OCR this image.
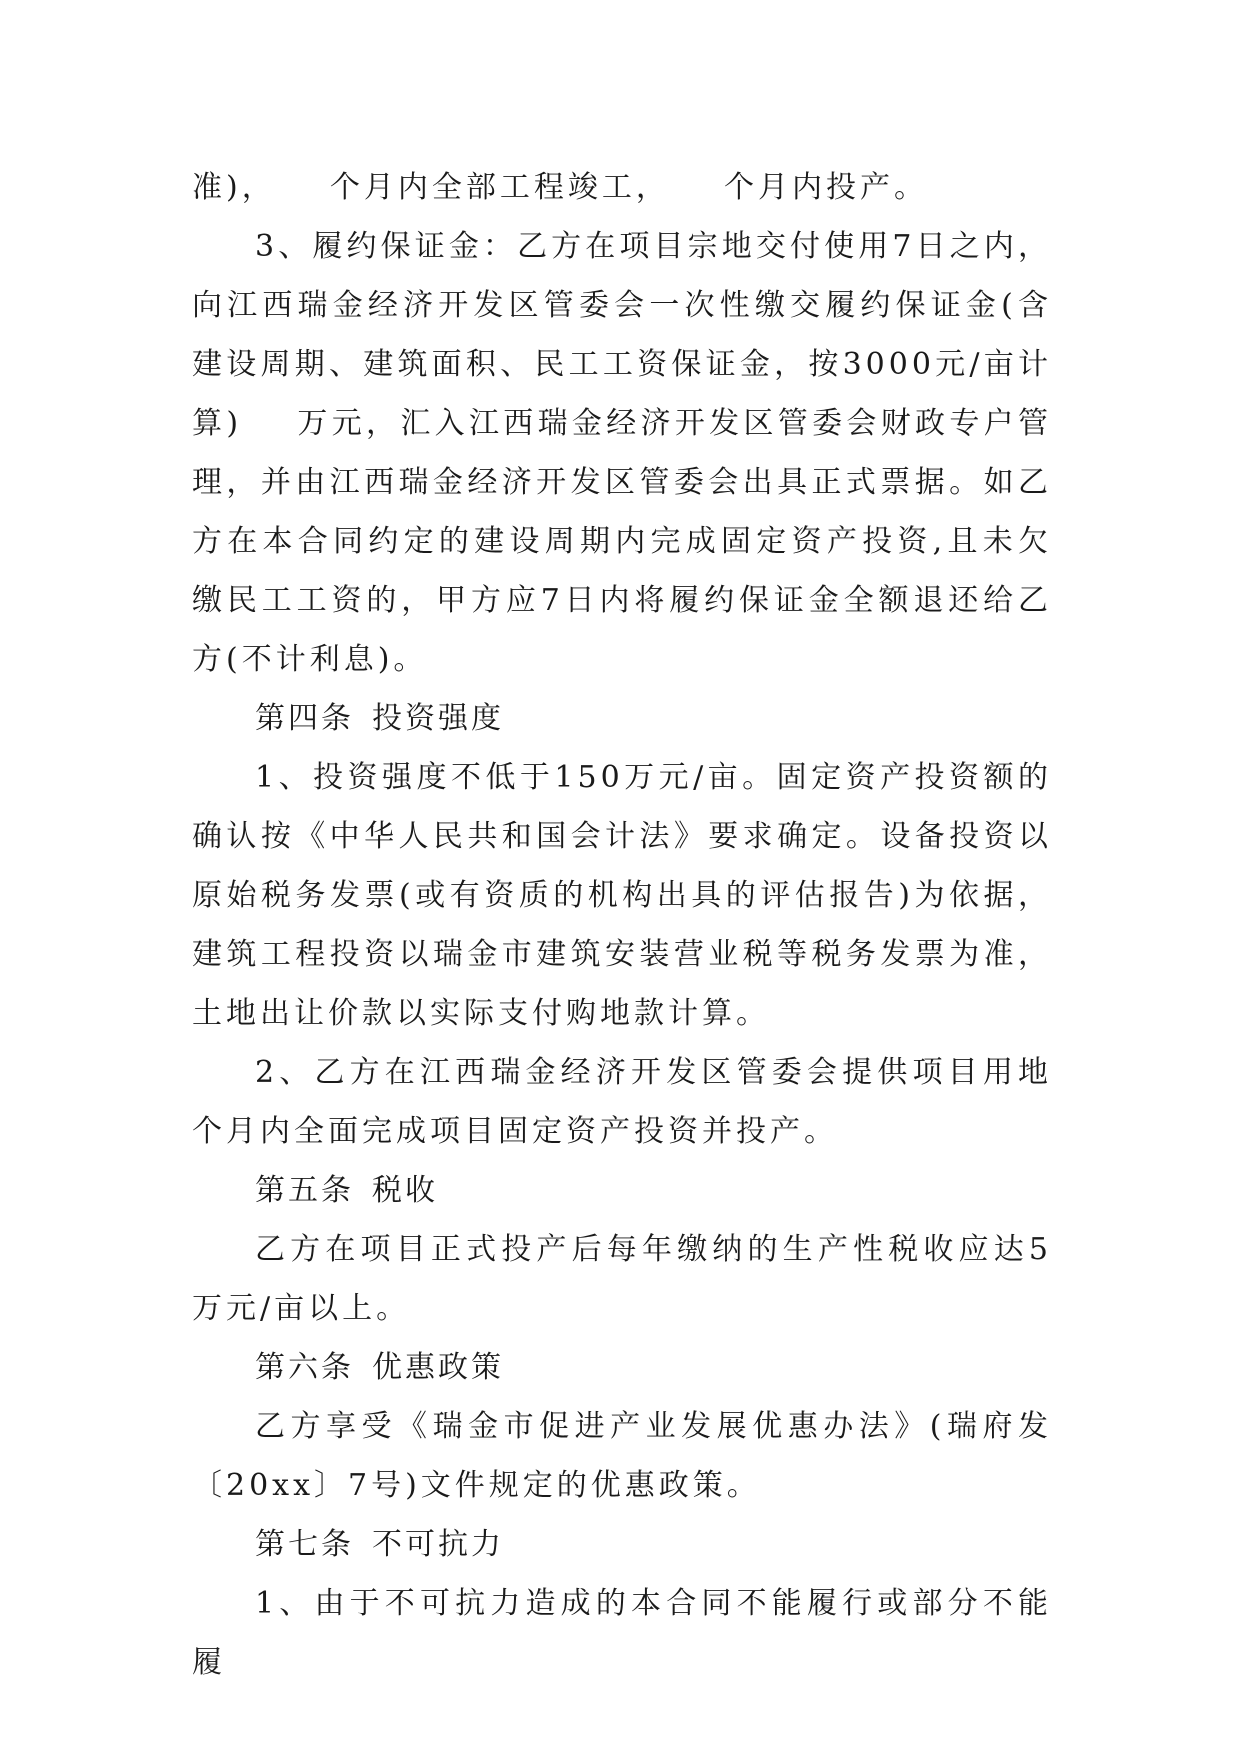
准)，    个月内全部工程竣工，    个月内投产。

3、履约保证金：乙方在项目宗地交付使用7日之内，向江西瑞金经济开发区管委会一次性缴交履约保证金(含建设周期、建筑面积、民工工资保证金，按3000元/亩计算)    万元，汇入江西瑞金经济开发区管委会财政专户管理，并由江西瑞金经济开发区管委会出具正式票据。如乙方在本合同约定的建设周期内完成固定资产投资,且未欠缴民工工资的，甲方应7日内将履约保证金全额退还给乙方(不计利息)。

第四条 投资强度

1、投资强度不低于150万元/亩。固定资产投资额的确认按《中华人民共和国会计法》要求确定。设备投资以原始税务发票(或有资质的机构出具的评估报告)为依据，建筑工程投资以瑞金市建筑安装营业税等税务发票为准，土地出让价款以实际支付购地款计算。

2、乙方在江西瑞金经济开发区管委会提供项目用地    个月内全面完成项目固定资产投资并投产。

第五条 税收

乙方在项目正式投产后每年缴纳的生产性税收应达5万元/亩以上。

第六条 优惠政策

乙方享受《瑞金市促进产业发展优惠办法》(瑞府发〔20xx〕7号)文件规定的优惠政策。

第七条 不可抗力

1、由于不可抗力造成的本合同不能履行或部分不能履
